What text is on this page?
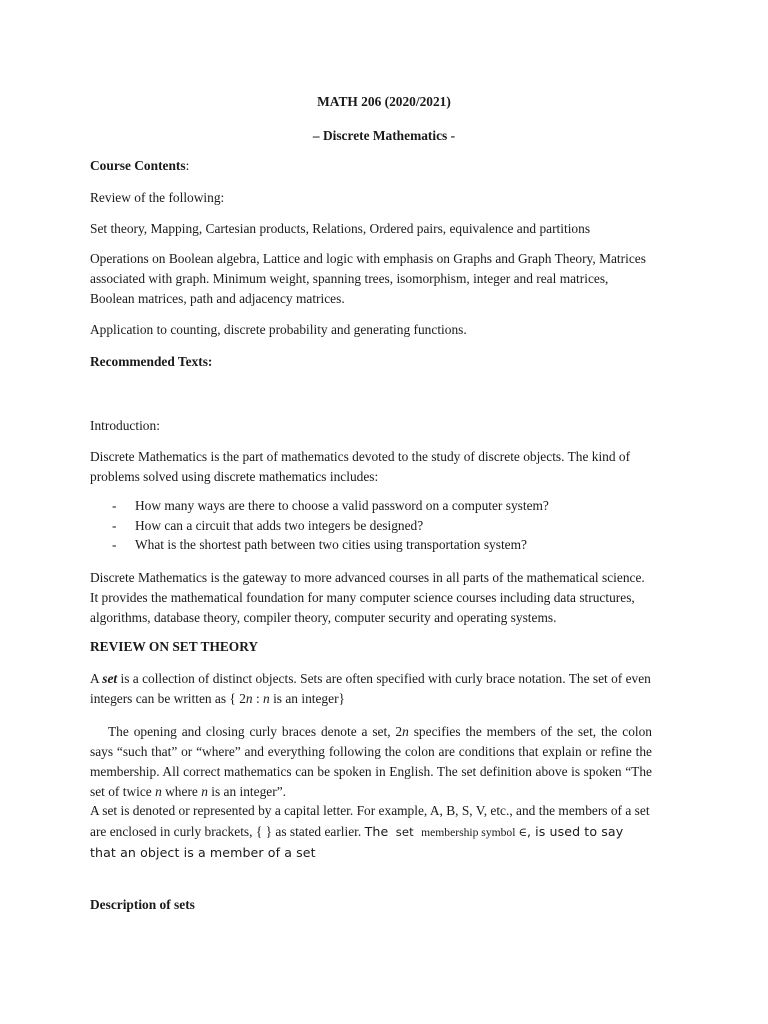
MATH 206 (2020/2021)
– Discrete Mathematics -
Course Contents:
Review of the following:
Set theory, Mapping, Cartesian products, Relations, Ordered pairs, equivalence and partitions
Operations on Boolean algebra, Lattice and logic with emphasis on Graphs and Graph Theory, Matrices associated with graph. Minimum weight, spanning trees, isomorphism, integer and real matrices, Boolean matrices, path and adjacency matrices.
Application to counting, discrete probability and generating functions.
Recommended Texts:
Introduction:
Discrete Mathematics is the part of mathematics devoted to the study of discrete objects. The kind of problems solved using discrete mathematics includes:
- How many ways are there to choose a valid password on a computer system?
- How can a circuit that adds two integers be designed?
- What is the shortest path between two cities using transportation system?
Discrete Mathematics is the gateway to more advanced courses in all parts of the mathematical science. It provides the mathematical foundation for many computer science courses including data structures, algorithms, database theory, compiler theory, computer security and operating systems.
REVIEW ON SET THEORY
A set is a collection of distinct objects. Sets are often specified with curly brace notation. The set of even
integers can be written as { 2n : n is an integer}
The opening and closing curly braces denote a set, 2n specifies the members of the set, the colon says “such that” or “where” and everything following the colon are conditions that explain or refine the membership. All correct mathematics can be spoken in English. The set definition above is spoken “The set of twice n where n is an integer”.
A set is denoted or represented by a capital letter. For example, A, B, S, V, etc., and the members of a set
are enclosed in curly brackets, { } as stated earlier. The set membership symbol ∈, is used to say
that an object is a member of a set
Description of sets
